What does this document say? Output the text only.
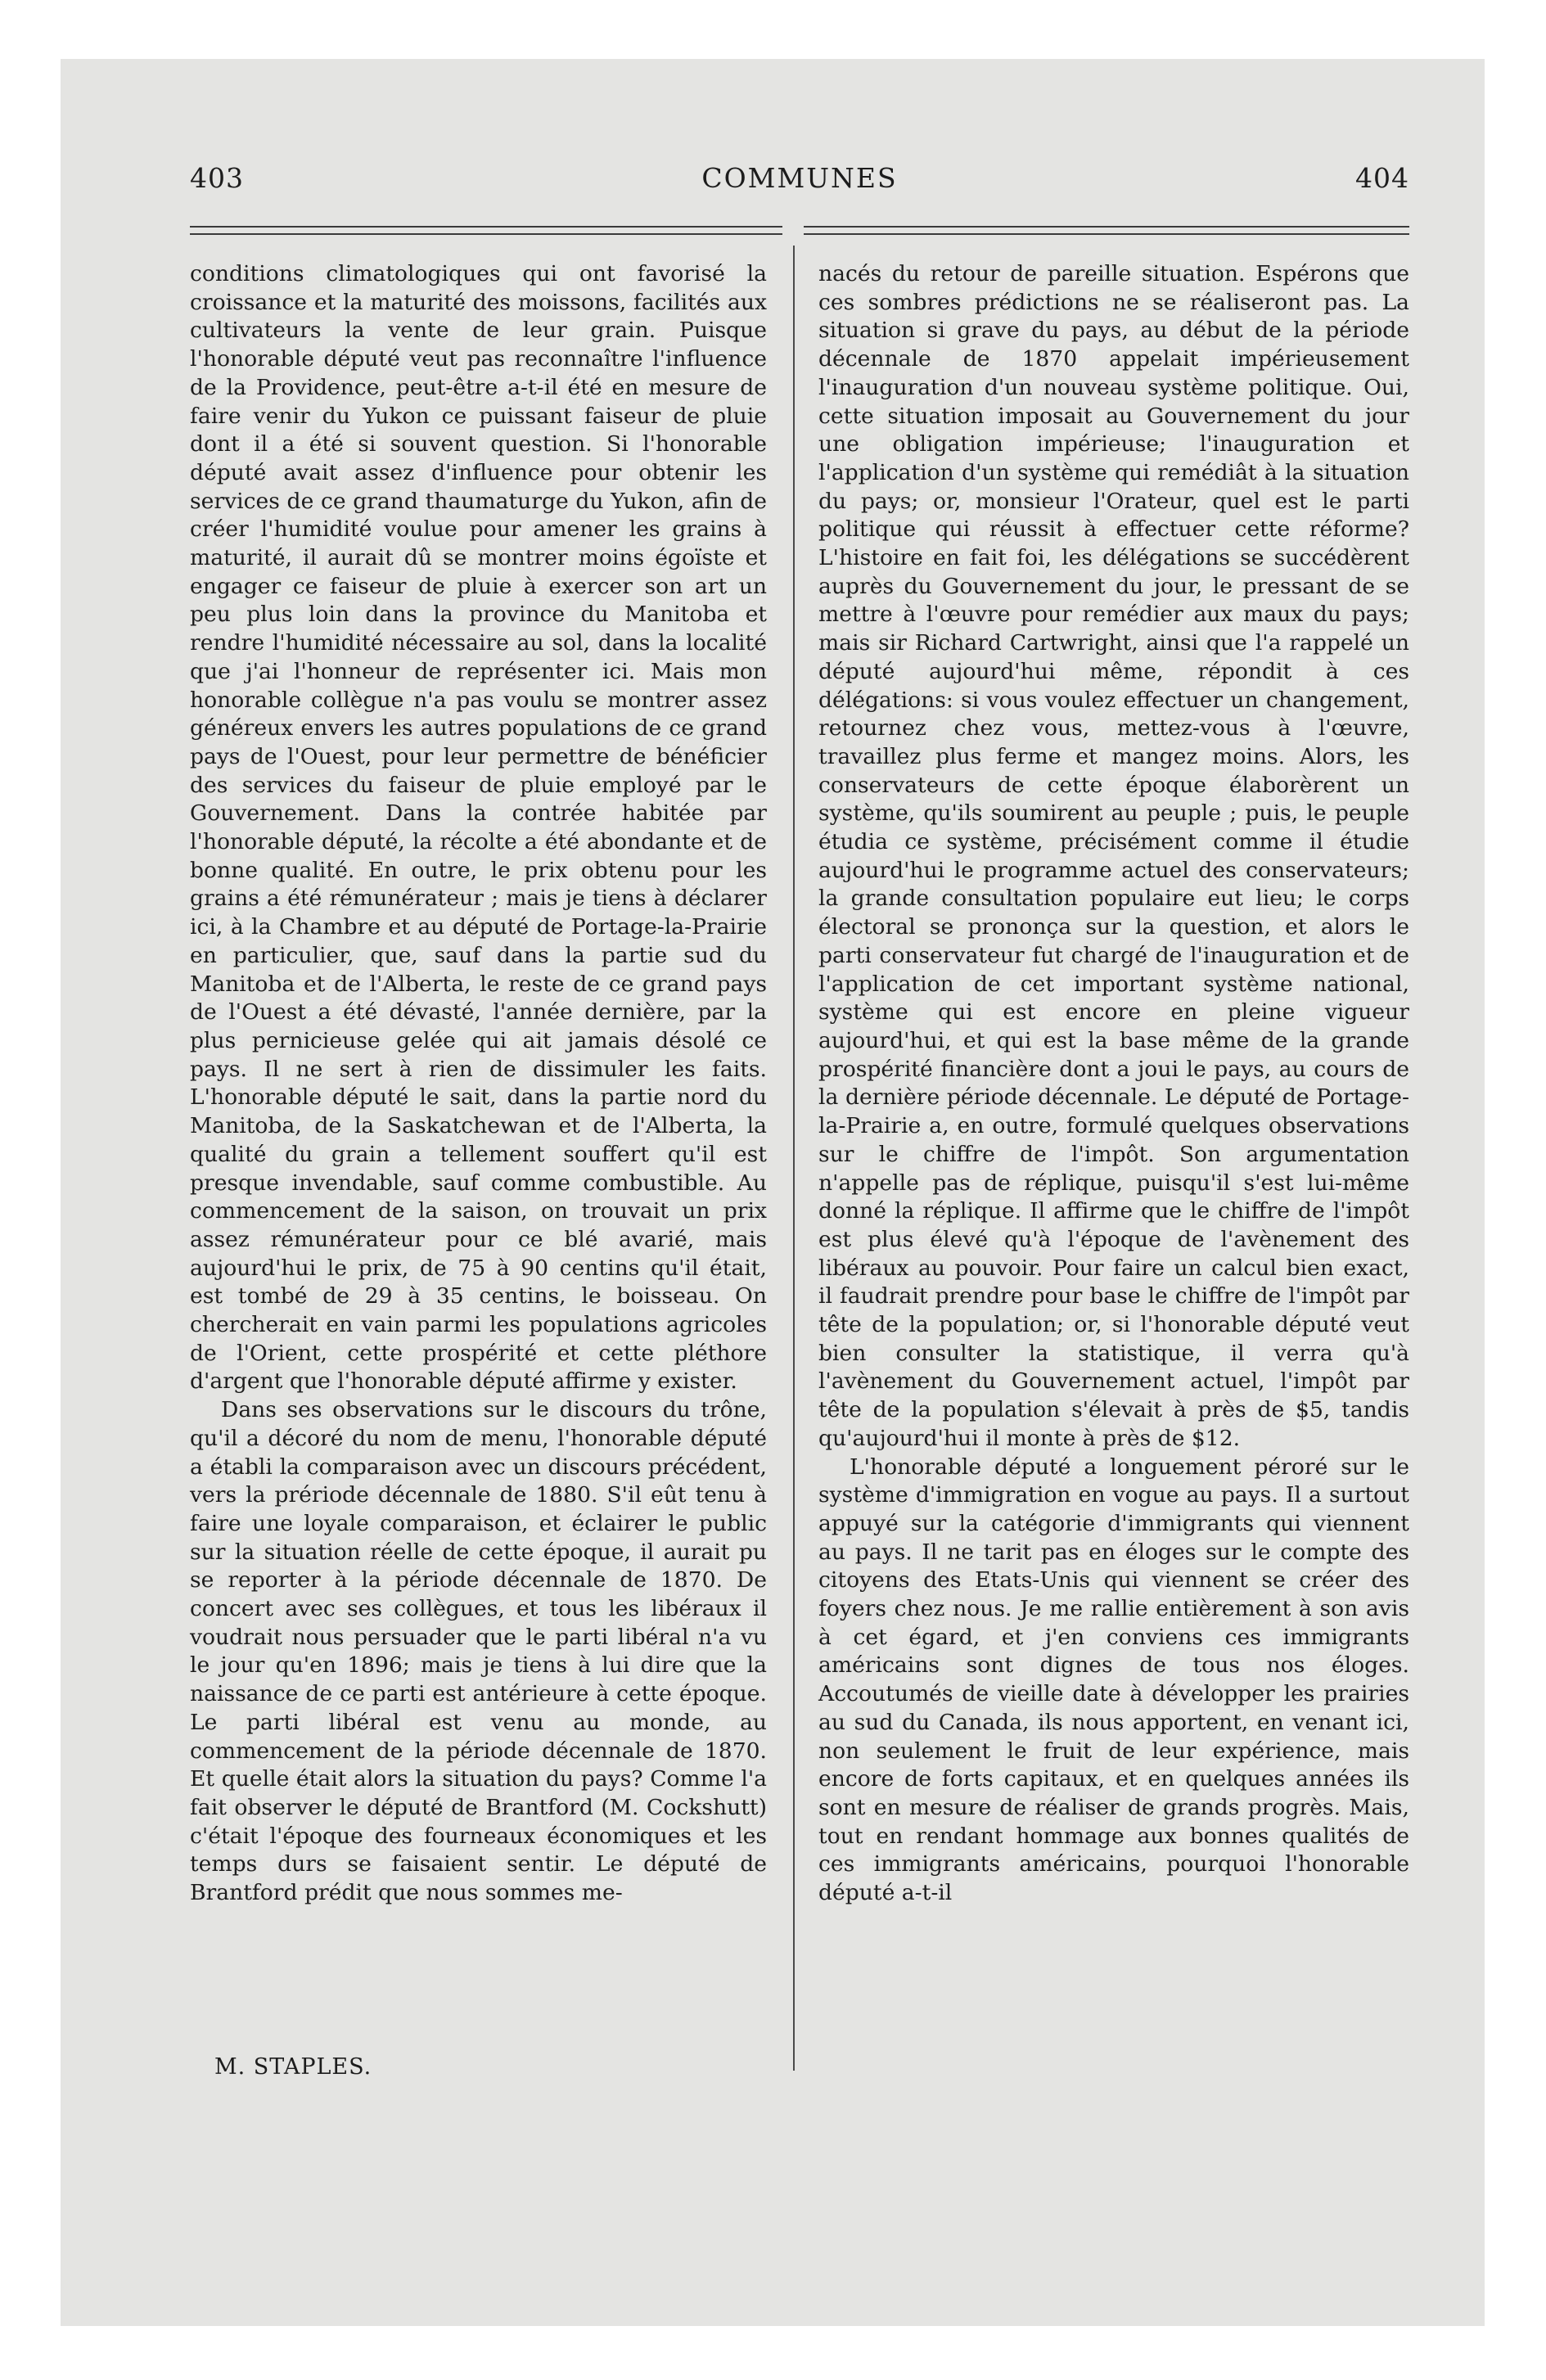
403	COMMUNES	404

conditions climatologiques qui ont favorisé la croissance et la maturité des moissons, facilités aux cultivateurs la vente de leur grain. Puisque l'honorable député veut pas reconnaître l'influence de la Providence, peut-être a-t-il été en mesure de faire venir du Yukon ce puissant faiseur de pluie dont il a été si souvent question. Si l'honorable député avait assez d'influence pour obtenir les services de ce grand thaumaturge du Yukon, afin de créer l'humidité voulue pour amener les grains à maturité, il aurait dû se montrer moins égoïste et engager ce faiseur de pluie à exercer son art un peu plus loin dans la province du Manitoba et rendre l'humidité nécessaire au sol, dans la localité que j'ai l'honneur de représenter ici. Mais mon honorable collègue n'a pas voulu se montrer assez généreux envers les autres populations de ce grand pays de l'Ouest, pour leur permettre de bénéficier des services du faiseur de pluie employé par le Gouvernement. Dans la contrée habitée par l'honorable député, la récolte a été abondante et de bonne qualité. En outre, le prix obtenu pour les grains a été rémunérateur ; mais je tiens à déclarer ici, à la Chambre et au député de Portage-la-Prairie en particulier, que, sauf dans la partie sud du Manitoba et de l'Alberta, le reste de ce grand pays de l'Ouest a été dévasté, l'année dernière, par la plus pernicieuse gelée qui ait jamais désolé ce pays. Il ne sert à rien de dissimuler les faits. L'honorable député le sait, dans la partie nord du Manitoba, de la Saskatchewan et de l'Alberta, la qualité du grain a tellement souffert qu'il est presque invendable, sauf comme combustible. Au commencement de la saison, on trouvait un prix assez rémunérateur pour ce blé avarié, mais aujourd'hui le prix, de 75 à 90 centins qu'il était, est tombé de 29 à 35 centins, le boisseau. On chercherait en vain parmi les populations agricoles de l'Orient, cette prospérité et cette pléthore d'argent que l'honorable député affirme y exister.

Dans ses observations sur le discours du trône, qu'il a décoré du nom de menu, l'honorable député a établi la comparaison avec un discours précédent, vers la prériode décennale de 1880. S'il eût tenu à faire une loyale comparaison, et éclairer le public sur la situation réelle de cette époque, il aurait pu se reporter à la période décennale de 1870. De concert avec ses collègues, et tous les libéraux il voudrait nous persuader que le parti libéral n'a vu le jour qu'en 1896; mais je tiens à lui dire que la naissance de ce parti est antérieure à cette époque. Le parti libéral est venu au monde, au commencement de la période décennale de 1870. Et quelle était alors la situation du pays? Comme l'a fait observer le député de Brantford (M. Cockshutt) c'était l'époque des fourneaux économiques et les temps durs se faisaient sentir. Le député de Brantford prédit que nous sommes me-

nacés du retour de pareille situation. Espérons que ces sombres prédictions ne se réaliseront pas. La situation si grave du pays, au début de la période décennale de 1870 appelait impérieusement l'inauguration d'un nouveau système politique. Oui, cette situation imposait au Gouvernement du jour une obligation impérieuse; l'inauguration et l'application d'un système qui remédiât à la situation du pays; or, monsieur l'Orateur, quel est le parti politique qui réussit à effectuer cette réforme? L'histoire en fait foi, les délégations se succédèrent auprès du Gouvernement du jour, le pressant de se mettre à l'œuvre pour remédier aux maux du pays; mais sir Richard Cartwright, ainsi que l'a rappelé un député aujourd'hui même, répondit à ces délégations: si vous voulez effectuer un changement, retournez chez vous, mettez-vous à l'œuvre, travaillez plus ferme et mangez moins. Alors, les conservateurs de cette époque élaborèrent un système, qu'ils soumirent au peuple ; puis, le peuple étudia ce système, précisément comme il étudie aujourd'hui le programme actuel des conservateurs; la grande consultation populaire eut lieu; le corps électoral se prononça sur la question, et alors le parti conservateur fut chargé de l'inauguration et de l'application de cet important système national, système qui est encore en pleine vigueur aujourd'hui, et qui est la base même de la grande prospérité financière dont a joui le pays, au cours de la dernière période décennale. Le député de Portage-la-Prairie a, en outre, formulé quelques observations sur le chiffre de l'impôt. Son argumentation n'appelle pas de réplique, puisqu'il s'est lui-même donné la réplique. Il affirme que le chiffre de l'impôt est plus élevé qu'à l'époque de l'avènement des libéraux au pouvoir. Pour faire un calcul bien exact, il faudrait prendre pour base le chiffre de l'impôt par tête de la population; or, si l'honorable député veut bien consulter la statistique, il verra qu'à l'avènement du Gouvernement actuel, l'impôt par tête de la population s'élevait à près de $5, tandis qu'aujourd'hui il monte à près de $12.

L'honorable député a longuement péroré sur le système d'immigration en vogue au pays. Il a surtout appuyé sur la catégorie d'immigrants qui viennent au pays. Il ne tarit pas en éloges sur le compte des citoyens des Etats-Unis qui viennent se créer des foyers chez nous. Je me rallie entièrement à son avis à cet égard, et j'en conviens ces immigrants américains sont dignes de tous nos éloges. Accoutumés de vieille date à développer les prairies au sud du Canada, ils nous apportent, en venant ici, non seulement le fruit de leur expérience, mais encore de forts capitaux, et en quelques années ils sont en mesure de réaliser de grands progrès. Mais, tout en rendant hommage aux bonnes qualités de ces immigrants américains, pourquoi l'honorable député a-t-il

M. STAPLES.
